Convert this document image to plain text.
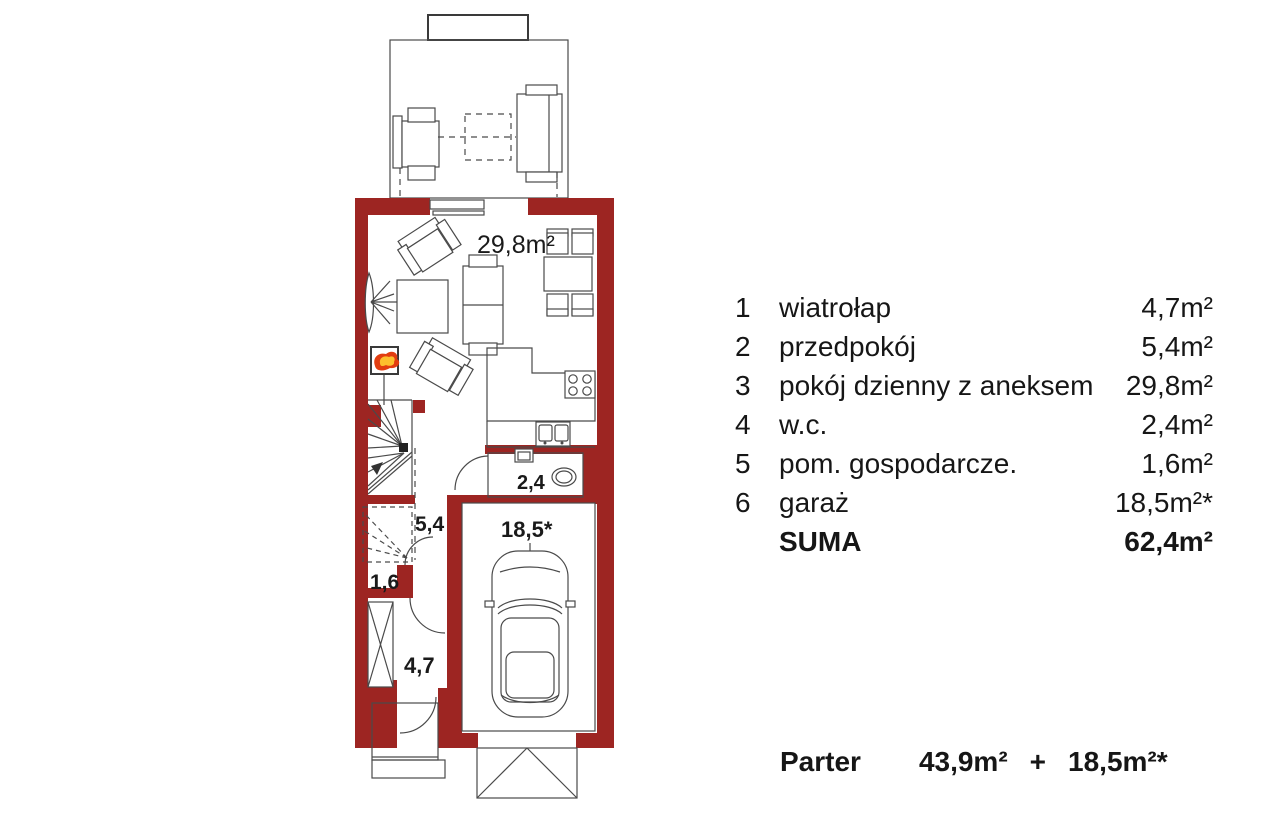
29,8m²
2,4
5,4
1,6
4,7
18,5*
1	wiatrołap	4,7m²
2	przedpokój	5,4m²
3	pokój dzienny z aneksem 29,8m²
4	w.c.	2,4m²
5	pom. gospodarcze.	1,6m²
6	garaż	18,5m²*
SUMA	62,4m²
Parter 43,9m² + 18,5m²*
